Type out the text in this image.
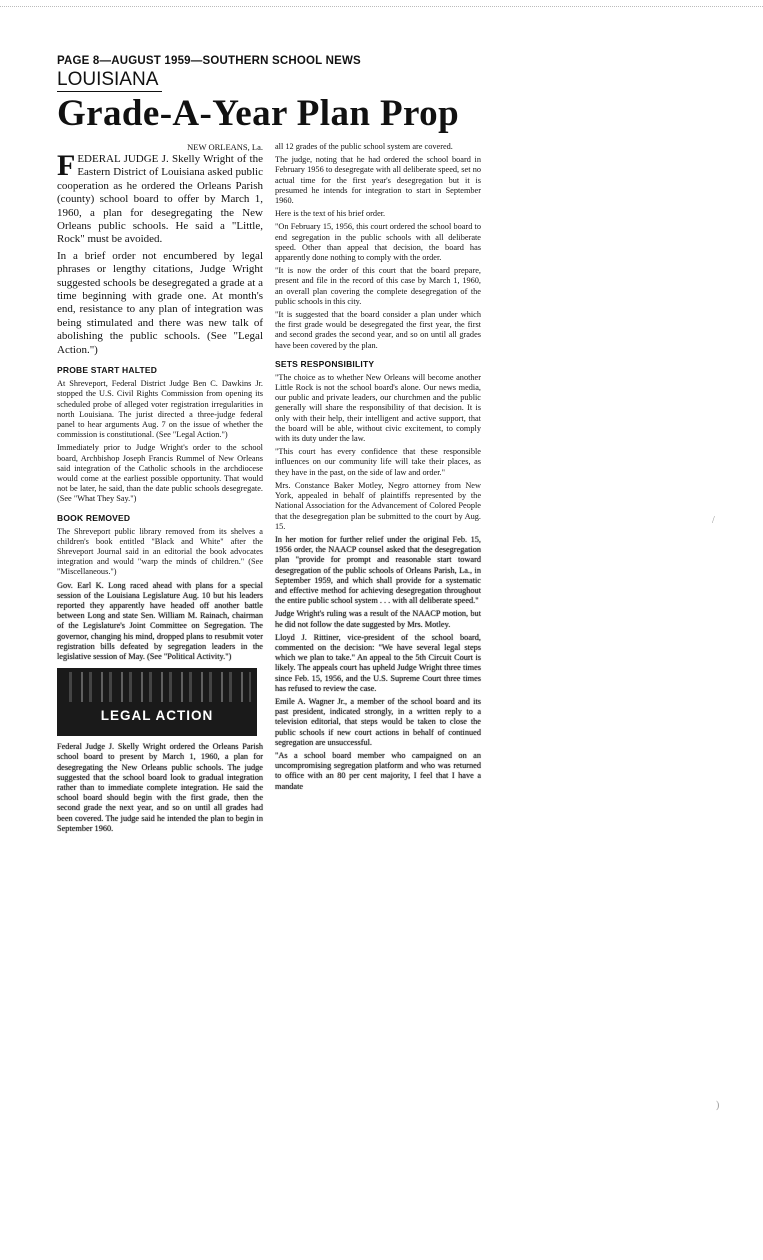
PAGE 8—AUGUST 1959—SOUTHERN SCHOOL NEWS

LOUISIANA
Grade-A-Year Plan Prop
NEW ORLEANS, La.

FEDERAL JUDGE J. Skelly Wright of the Eastern District of Louisiana asked public cooperation as he ordered the Orleans Parish (county) school board to offer by March 1, 1960, a plan for desegregating the New Orleans public schools. He said a "Little, Rock" must be avoided.

In a brief order not encumbered by legal phrases or lengthy citations, Judge Wright suggested schools be desegregated a grade at a time beginning with grade one. At month's end, resistance to any plan of integration was being stimulated and there was new talk of abolishing the public schools. (See "Legal Action.")

PROBE START HALTED

At Shreveport, Federal District Judge Ben C. Dawkins Jr. stopped the U.S. Civil Rights Commission from opening its scheduled probe of alleged voter registration irregularities in north Louisiana. The jurist directed a three-judge federal panel to hear arguments Aug. 7 on the issue of whether the commission is constitutional. (See "Legal Action.")

Immediately prior to Judge Wright's order to the school board, Archbishop Joseph Francis Rummel of New Orleans said integration of the Catholic schools in the archdiocese would come at the earliest possible opportunity. That would not be later, he said, than the date public schools desegregate. (See "What They Say.")

BOOK REMOVED

The Shreveport public library removed from its shelves a children's book entitled "Black and White" after the Shreveport Journal said in an editorial the book advocates integration and would "warp the minds of children." (See "Miscellaneous.")

Gov. Earl K. Long raced ahead with plans for a special session of the Louisiana Legislature Aug. 10 but his leaders reported they apparently have headed off another battle between Long and state Sen. William M. Rainach, chairman of the Legislature's Joint Committee on Segregation. The governor, changing his mind, dropped plans to resubmit voter registration bills defeated by segregation leaders in the legislative session of May. (See "Political Activity.")

LEGAL ACTION

Federal Judge J. Skelly Wright ordered the Orleans Parish school board to present by March 1, 1960, a plan for desegregating the New Orleans public schools. The judge suggested that the school board look to gradual integration rather than to immediate complete integration. He said the school board should begin with the first grade, then the second grade the next year, and so on until all grades had been covered. The judge said he intended the plan to begin in September 1960.

all 12 grades of the public school system are covered.

The judge, noting that he had ordered the school board in February 1956 to desegregate with all deliberate speed, set no actual time for the first year's desegregation but it is presumed he intends for integration to start in September 1960.

Here is the text of his brief order.

"On February 15, 1956, this court ordered the school board to end segregation in the public schools with all deliberate speed. Other than appeal that decision, the board has apparently done nothing to comply with the order.

"It is now the order of this court that the board prepare, present and file in the record of this case by March 1, 1960, an overall plan covering the complete desegregation of the public schools in this city.

"It is suggested that the board consider a plan under which the first grade would be desegregated the first year, the first and second grades the second year, and so on until all grades have been covered by the plan.

SETS RESPONSIBILITY

"The choice as to whether New Orleans will become another Little Rock is not the school board's alone. Our news media, our public and private leaders, our churchmen and the public generally will share the responsibility of that decision. It is only with their help, their intelligent and active support, that the board will be able, without civic excitement, to comply with its duty under the law.

"This court has every confidence that these responsible influences on our community life will take their places, as they have in the past, on the side of law and order."

Mrs. Constance Baker Motley, Negro attorney from New York, appealed in behalf of plaintiffs represented by the National Association for the Advancement of Colored People that the desegregation plan be submitted to the court by Aug. 15.

In her motion for further relief under the original Feb. 15, 1956 order, the NAACP counsel asked that the desegregation plan "provide for prompt and reasonable start toward desegregation of the public schools of Orleans Parish, La., in September 1959, and which shall provide for a systematic and effective method for achieving desegregation throughout the entire public school system . . . with all deliberate speed."

Judge Wright's ruling was a result of the NAACP motion, but he did not follow the date suggested by Mrs. Motley.

Lloyd J. Rittiner, vice-president of the school board, commented on the decision: "We have several legal steps which we plan to take." An appeal to the 5th Circuit Court is likely. The appeals court has upheld Judge Wright three times since Feb. 15, 1956, and the U.S. Supreme Court three times has refused to review the case.

Emile A. Wagner Jr., a member of the school board and its past president, indicated strongly, in a written reply to a television editorial, that steps would be taken to close the public schools if new court actions in behalf of continued segregation are unsuccessful.

"As a school board member who campaigned on an uncompromising segregation platform and who was returned to office with an 80 per cent majority, I feel that I have a mandate

/
)
